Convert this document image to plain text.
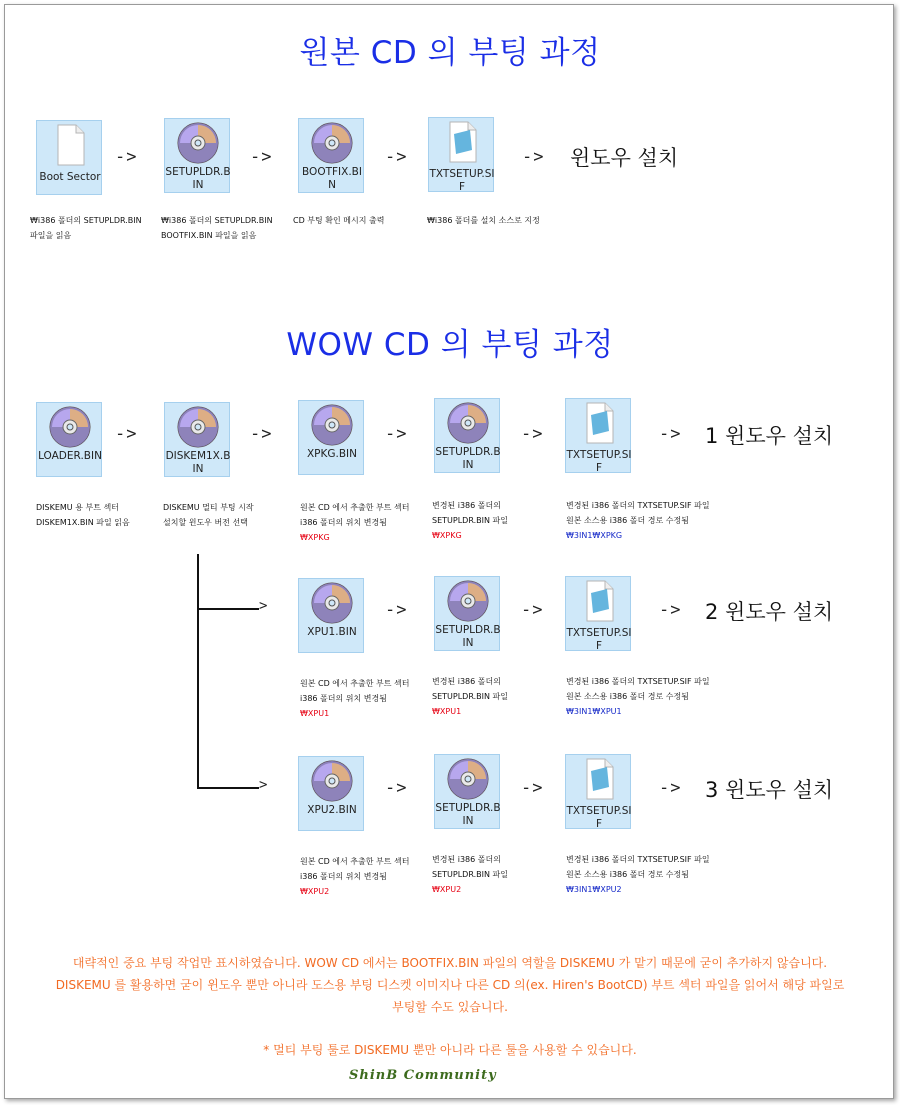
원본 CD 의 부팅 과정
Boot Sector
->
SETUPLDR.BIN
->
BOOTFIX.BIN
->
TXTSETUP.SIF
-> 윈도우 설치
₩i386 폴더의 SETUPLDR.BIN
파일을 읽음
₩i386 폴더의 SETUPLDR.BIN
BOOTFIX.BIN 파일을 읽음
CD 부팅 확인 메시지 출력	₩i386 폴더를 설치 소스로 지정
WOW CD 의 부팅 과정
LOADER.BIN
->
DISKEM1X.BIN
->
DISKEMU 용 부트 섹터
DISKEM1X.BIN 파일 읽음
DISKEMU 멀티 부팅 시작
설치할 윈도우 버전 선택
>
>
XPKG.BIN
->
SETUPLDR.BIN
->
TXTSETUP.SIF
-> 1 윈도우 설치
원본 CD 에서 추출한 부트 섹터
i386 폴더의 위치 변경됨
₩XPKG
변경된 i386 폴더의
SETUPLDR.BIN 파일
₩XPKG
변경된 i386 폴더의 TXTSETUP.SIF 파일
원본 소스용 i386 폴더 경로 수정됨
₩3IN1₩XPKG
XPU1.BIN
->
SETUPLDR.BIN
->
TXTSETUP.SIF
-> 2 윈도우 설치
원본 CD 에서 추출한 부트 섹터
i386 폴더의 위치 변경됨
₩XPU1
변경된 i386 폴더의
SETUPLDR.BIN 파일
₩XPU1
변경된 i386 폴더의 TXTSETUP.SIF 파일
원본 소스용 i386 폴더 경로 수정됨
₩3IN1₩XPU1
XPU2.BIN
->
SETUPLDR.BIN
->
TXTSETUP.SIF
-> 3 윈도우 설치
원본 CD 에서 추출한 부트 섹터
i386 폴더의 위치 변경됨
₩XPU2
변경된 i386 폴더의
SETUPLDR.BIN 파일
₩XPU2
변경된 i386 폴더의 TXTSETUP.SIF 파일
원본 소스용 i386 폴더 경로 수정됨
₩3IN1₩XPU2
대략적인 중요 부팅 작업만 표시하였습니다. WOW CD 에서는 BOOTFIX.BIN 파일의 역할을 DISKEMU 가 맡기 때문에 굳이 추가하지 않습니다.
DISKEMU 를 활용하면 굳이 윈도우 뿐만 아니라 도스용 부팅 디스켓 이미지나 다른 CD 의(ex. Hiren's BootCD) 부트 섹터 파일을 읽어서 해당 파일로
부팅할 수도 있습니다.
* 멀티 부팅 툴로 DISKEMU 뿐만 아니라 다른 툴을 사용할 수 있습니다.
ShinB Community
